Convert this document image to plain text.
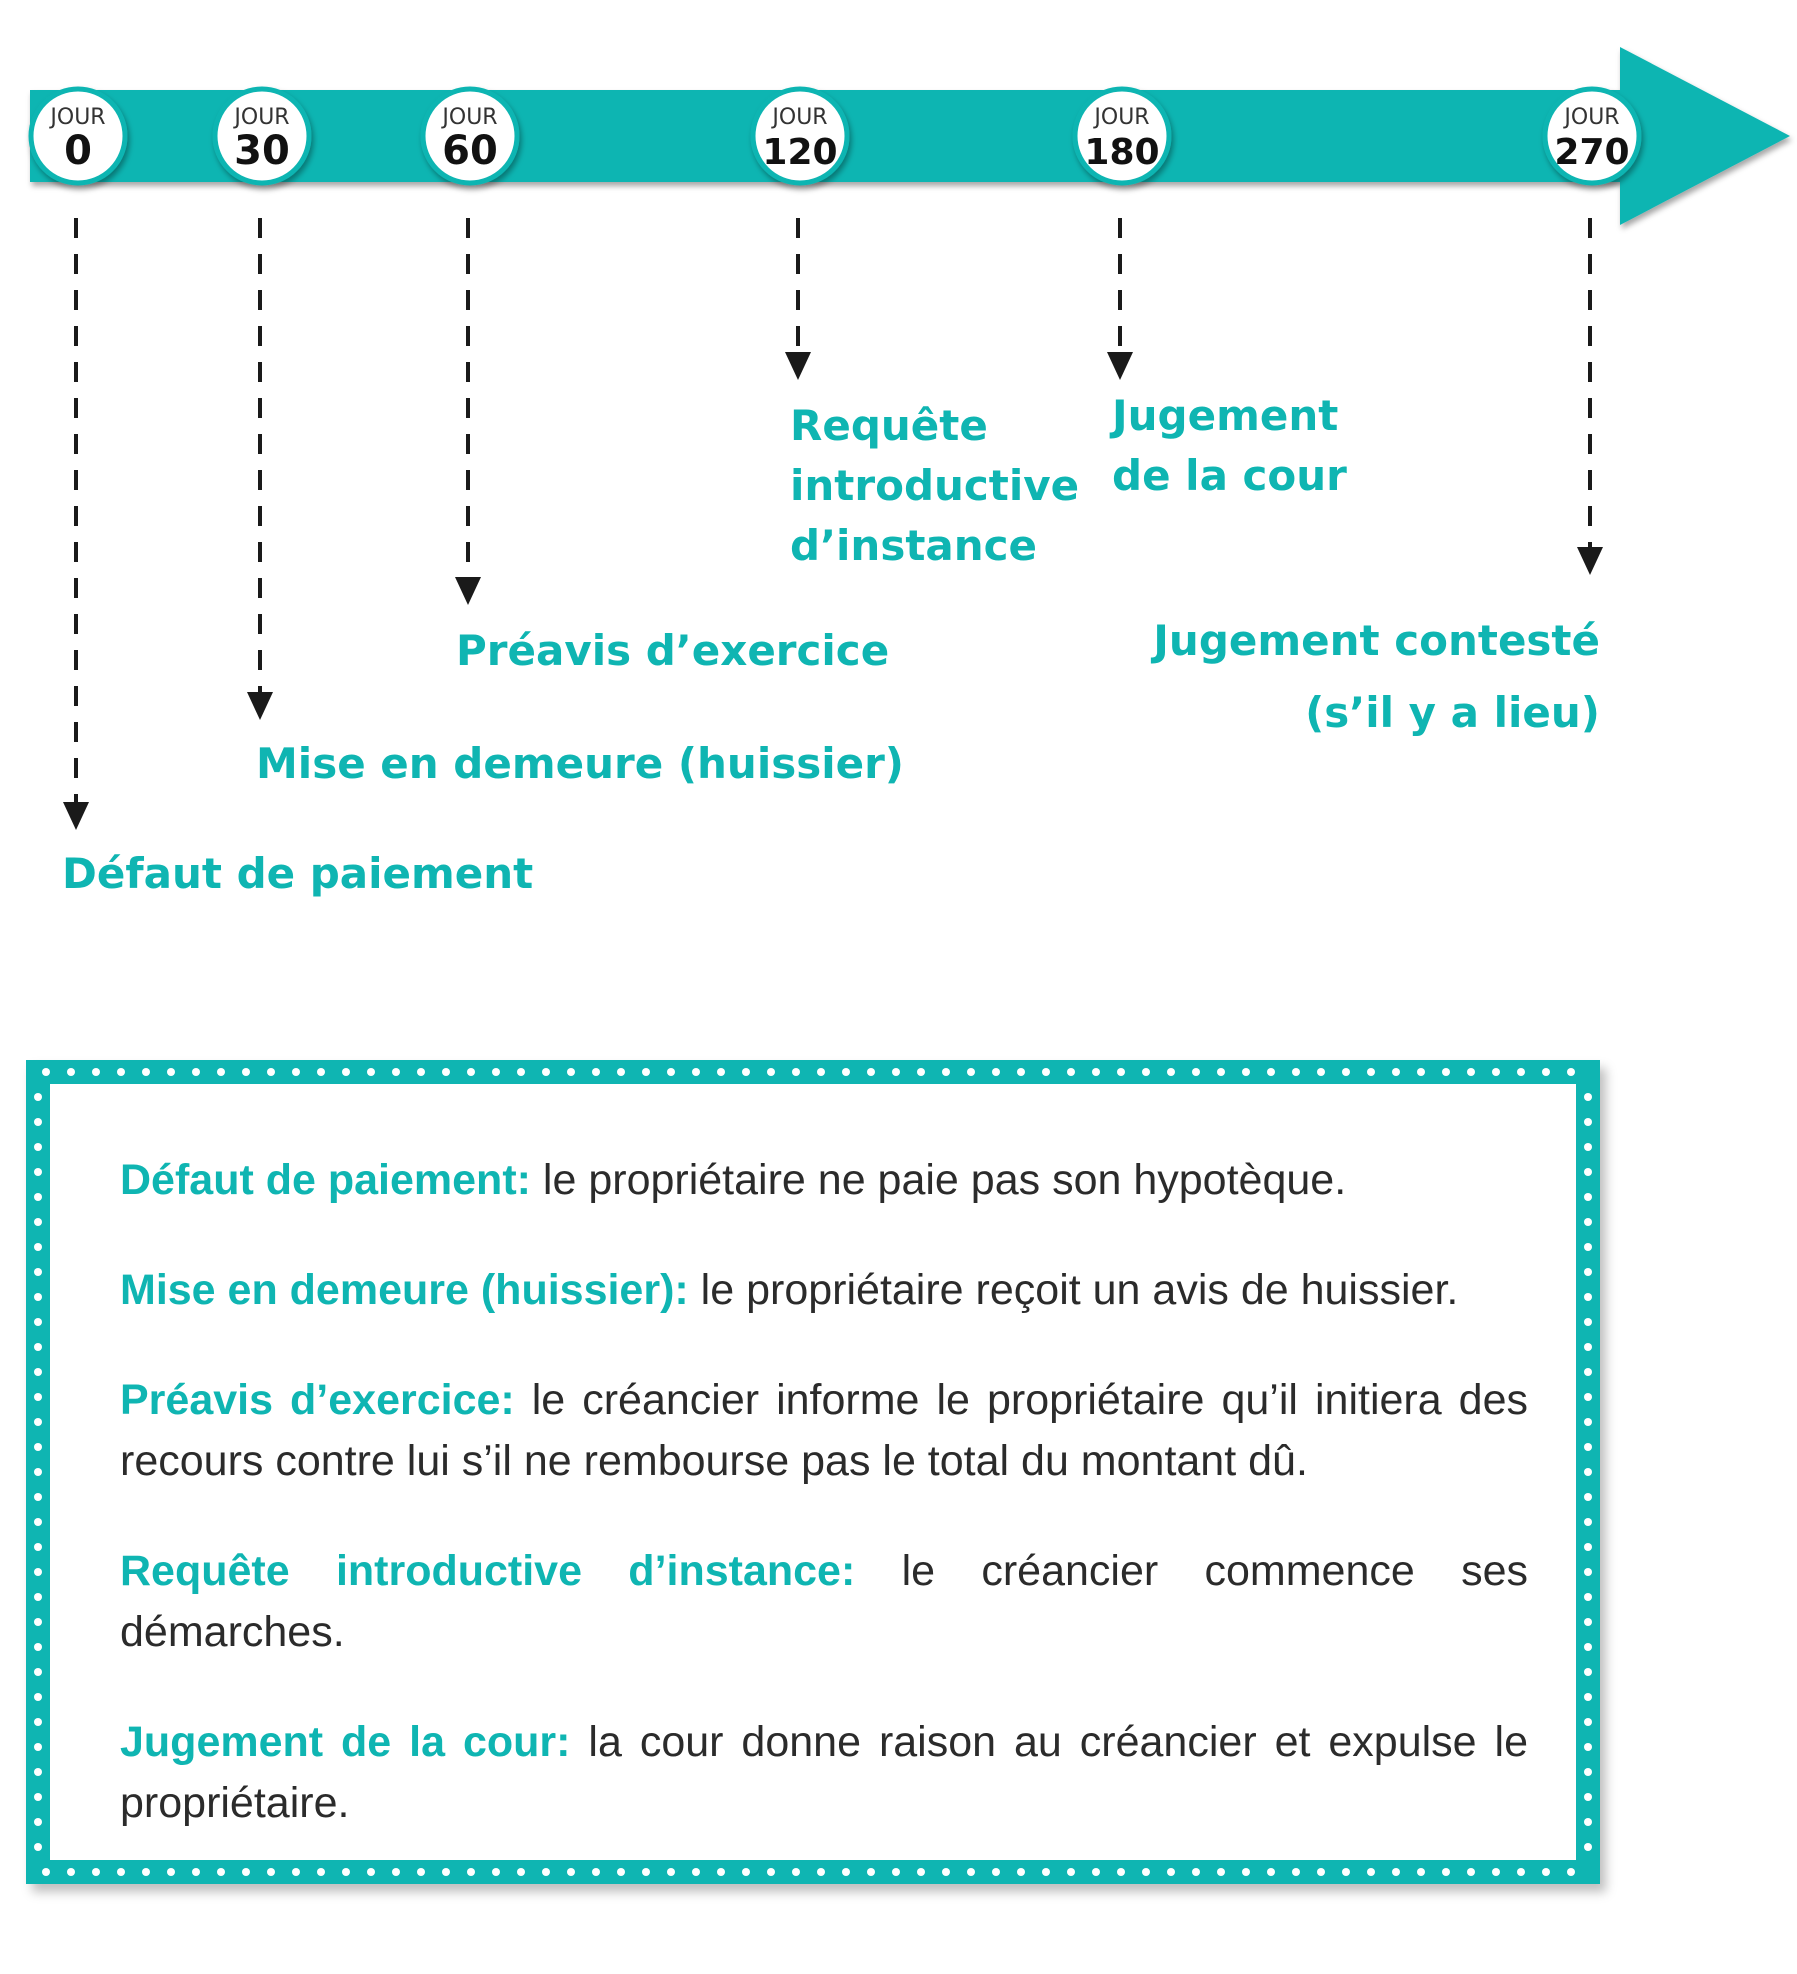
JOUR
0
JOUR
30
JOUR
60
JOUR
120
JOUR
180
JOUR
270
Défaut de paiement
Mise en demeure (huissier)
Préavis d’exercice
Requête introductive d’instance
Jugement de la cour
Jugement contesté (s’il y a lieu)

Défaut de paiement: le propriétaire ne paie pas son hypotèque.

Mise en demeure (huissier): le propriétaire reçoit un avis de huissier.

Préavis d’exercice: le créancier informe le propriétaire qu’il initiera des recours contre lui s’il ne rembourse pas le total du montant dû.

Requête introductive d’instance: le créancier commence ses démarches.

Jugement de la cour: la cour donne raison au créancier et expulse le propriétaire.
